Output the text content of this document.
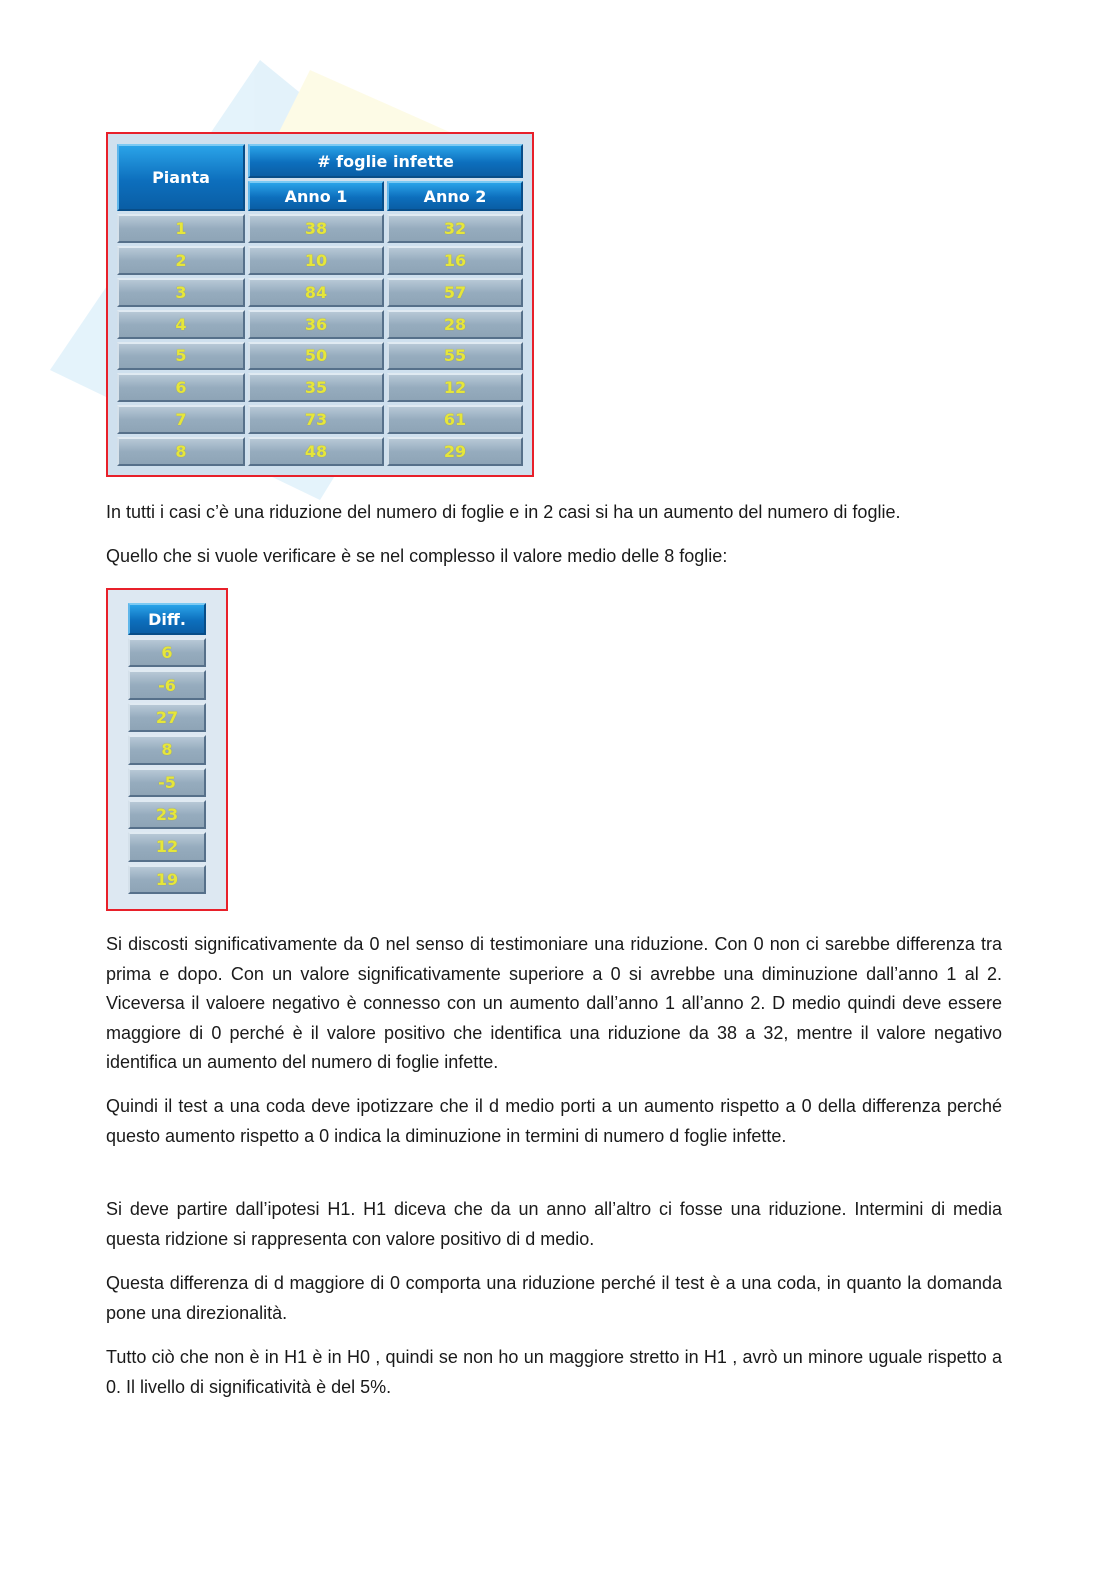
Pianta	# foglie infette	
	Anno 1	Anno 2
1	38	32
2	10	16
3	84	57
4	36	28
5	50	55
6	35	12
7	73	61
8	48	29

In tutti i casi c’è una riduzione del numero di foglie e in 2 casi si ha un aumento del numero di foglie.

Quello che si vuole verificare è se nel complesso il valore medio delle 8 foglie:

Diff.
6
-6
27
8
-5
23
12
19

Si discosti significativamente da 0 nel senso di testimoniare una riduzione. Con 0 non ci sarebbe differenza tra prima e dopo. Con un valore significativamente superiore a 0 si avrebbe una diminuzione dall’anno 1 al 2. Viceversa il valoere negativo è connesso con un aumento dall’anno 1 all’anno 2. D medio quindi deve essere maggiore di 0 perché è il valore positivo che identifica una riduzione da 38 a 32, mentre il valore negativo identifica un aumento del numero di foglie infette.

Quindi il test a una coda deve ipotizzare che il d medio porti a un aumento rispetto a 0 della differenza perché questo aumento rispetto a 0 indica la diminuzione in termini di numero d foglie infette.

Si deve partire dall’ipotesi H1. H1 diceva che da un anno all’altro ci fosse una riduzione. Intermini di media questa ridzione si rappresenta con valore positivo di d medio.

Questa differenza di d maggiore di 0 comporta una riduzione perché il test è a una coda, in quanto la domanda pone una direzionalità.

Tutto ciò che non è in H1 è in H0 , quindi se non ho un maggiore stretto in H1 , avrò un minore uguale rispetto a 0. Il livello di significatività è del 5%.
